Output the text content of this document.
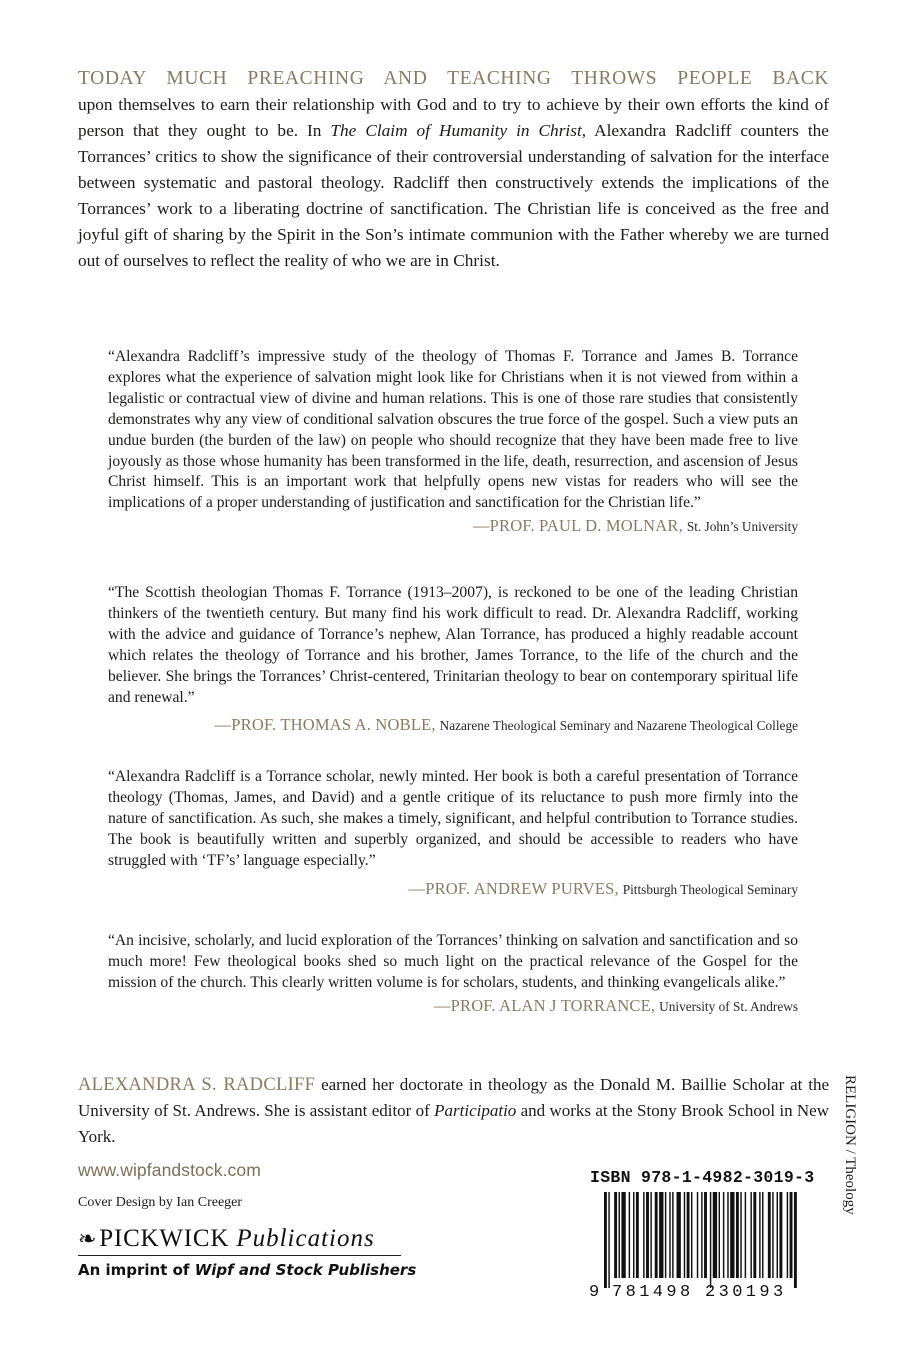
TODAY MUCH PREACHING AND TEACHING THROWS PEOPLE BACK
upon themselves to earn their relationship with God and to try to achieve by their own efforts the kind of person that they ought to be. In The Claim of Humanity in Christ, Alexandra Radcliff counters the Torrances’ critics to show the significance of their controversial understanding of salvation for the interface between systematic and pastoral theology. Radcliff then constructively extends the implications of the Torrances’ work to a liberating doctrine of sanctification. The Christian life is conceived as the free and joyful gift of sharing by the Spirit in the Son’s intimate communion with the Father whereby we are turned out of ourselves to reflect the reality of who we are in Christ.

“Alexandra Radcliff’s impressive study of the theology of Thomas F. Torrance and James B. Torrance explores what the experience of salvation might look like for Christians when it is not viewed from within a legalistic or contractual view of divine and human relations. This is one of those rare studies that consistently demonstrates why any view of conditional salvation obscures the true force of the gospel. Such a view puts an undue burden (the burden of the law) on people who should recognize that they have been made free to live joyously as those whose humanity has been transformed in the life, death, resurrection, and ascension of Jesus Christ himself. This is an important work that helpfully opens new vistas for readers who will see the implications of a proper understanding of justification and sanctification for the Christian life.”

—PROF. PAUL D. MOLNAR, St. John’s University

“The Scottish theologian Thomas F. Torrance (1913–2007), is reckoned to be one of the leading Christian thinkers of the twentieth century. But many find his work difficult to read. Dr. Alexandra Radcliff, working with the advice and guidance of Torrance’s nephew, Alan Torrance, has produced a highly readable account which relates the theology of Torrance and his brother, James Torrance, to the life of the church and the believer. She brings the Torrances’ Christ-centered, Trinitarian theology to bear on contemporary spiritual life and renewal.”

—PROF. THOMAS A. NOBLE, Nazarene Theological Seminary and Nazarene Theological College

“Alexandra Radcliff is a Torrance scholar, newly minted. Her book is both a careful presentation of Torrance theology (Thomas, James, and David) and a gentle critique of its reluctance to push more firmly into the nature of sanctification. As such, she makes a timely, significant, and helpful contribution to Torrance studies. The book is beautifully written and superbly organized, and should be accessible to readers who have struggled with ‘TF’s’ language especially.”

—PROF. ANDREW PURVES, Pittsburgh Theological Seminary

“An incisive, scholarly, and lucid exploration of the Torrances’ thinking on salvation and sanctification and so much more! Few theological books shed so much light on the practical relevance of the Gospel for the mission of the church. This clearly written volume is for scholars, students, and thinking evangelicals alike.”

—PROF. ALAN J TORRANCE, University of St. Andrews
ALEXANDRA S. RADCLIFF earned her doctorate in theology as the Donald M. Baillie Scholar at the University of St. Andrews. She is assistant editor of Participatio and works at the Stony Brook School in New York.
www.wipfandstock.com
Cover Design by Ian Creeger
❧PICKWICK Publications
An imprint of Wipf and Stock Publishers
ISBN 978-1-4982-3019-3
9 781498 230193
RELIGION / Theology
